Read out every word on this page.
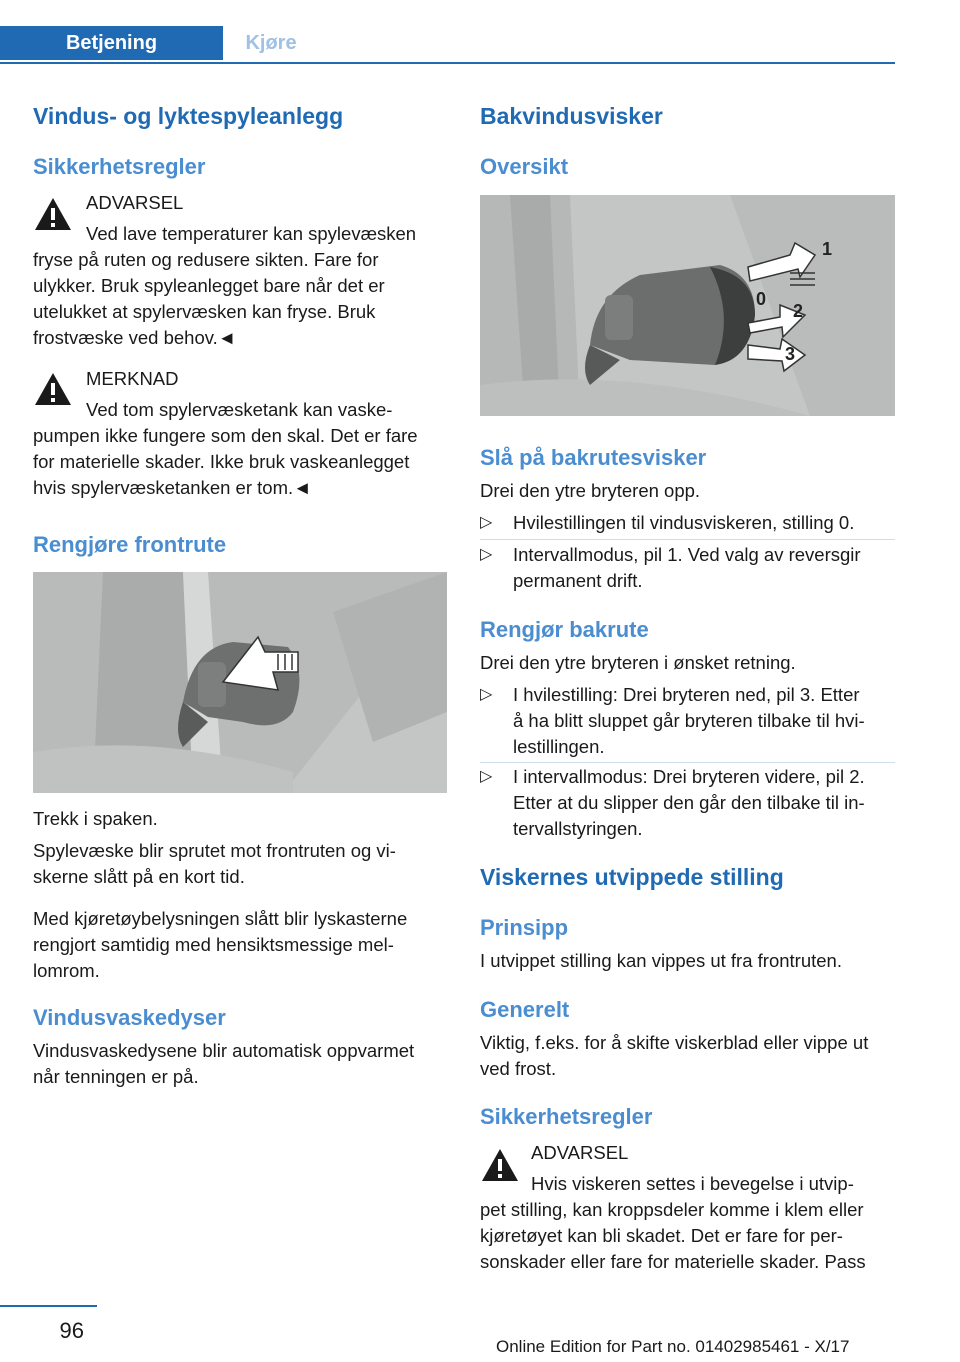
Betjening	Kjøre
Vindus- og lyktespyleanlegg
Sikkerhetsregler
ADVARSEL
Ved lave temperaturer kan spylevæsken
fryse på ruten og redusere sikten. Fare for
ulykker. Bruk spyleanlegget bare når det er
utelukket at spylervæsken kan fryse. Bruk
frostvæske ved behov.◄
MERKNAD
Ved tom spylervæsketank kan vaske-
pumpen ikke fungere som den skal. Det er fare
for materielle skader. Ikke bruk vaskeanlegget
hvis spylervæsketanken er tom.◄
Rengjøre frontrute
Trekk i spaken.
Spylevæske blir sprutet mot frontruten og vi-
skerne slått på en kort tid.
Med kjøretøybelysningen slått blir lyskasterne
rengjort samtidig med hensiktsmessige mel-
lomrom.
Vindusvaskedyser
Vindusvaskedysene blir automatisk oppvarmet
når tenningen er på.
Bakvindusvisker
Oversikt
1
0
2
3
Slå på bakrutesvisker
Drei den ytre bryteren opp.
▷ Hvilestillingen til vindusviskeren, stilling 0.
▷ Intervallmodus, pil 1. Ved valg av reversgir
permanent drift.
Rengjør bakrute
Drei den ytre bryteren i ønsket retning.
▷ I hvilestilling: Drei bryteren ned, pil 3. Etter
å ha blitt sluppet går bryteren tilbake til hvi-
lestillingen.
▷ I intervallmodus: Drei bryteren videre, pil 2.
Etter at du slipper den går den tilbake til in-
tervallstyringen.
Viskernes utvippede stilling
Prinsipp
I utvippet stilling kan vippes ut fra frontruten.
Generelt
Viktig, f.eks. for å skifte viskerblad eller vippe ut
ved frost.
Sikkerhetsregler
ADVARSEL
Hvis viskeren settes i bevegelse i utvip-
pet stilling, kan kroppsdeler komme i klem eller
kjøretøyet kan bli skadet. Det er fare for per-
sonskader eller fare for materielle skader. Pass
96
Online Edition for Part no. 01402985461 - X/17
